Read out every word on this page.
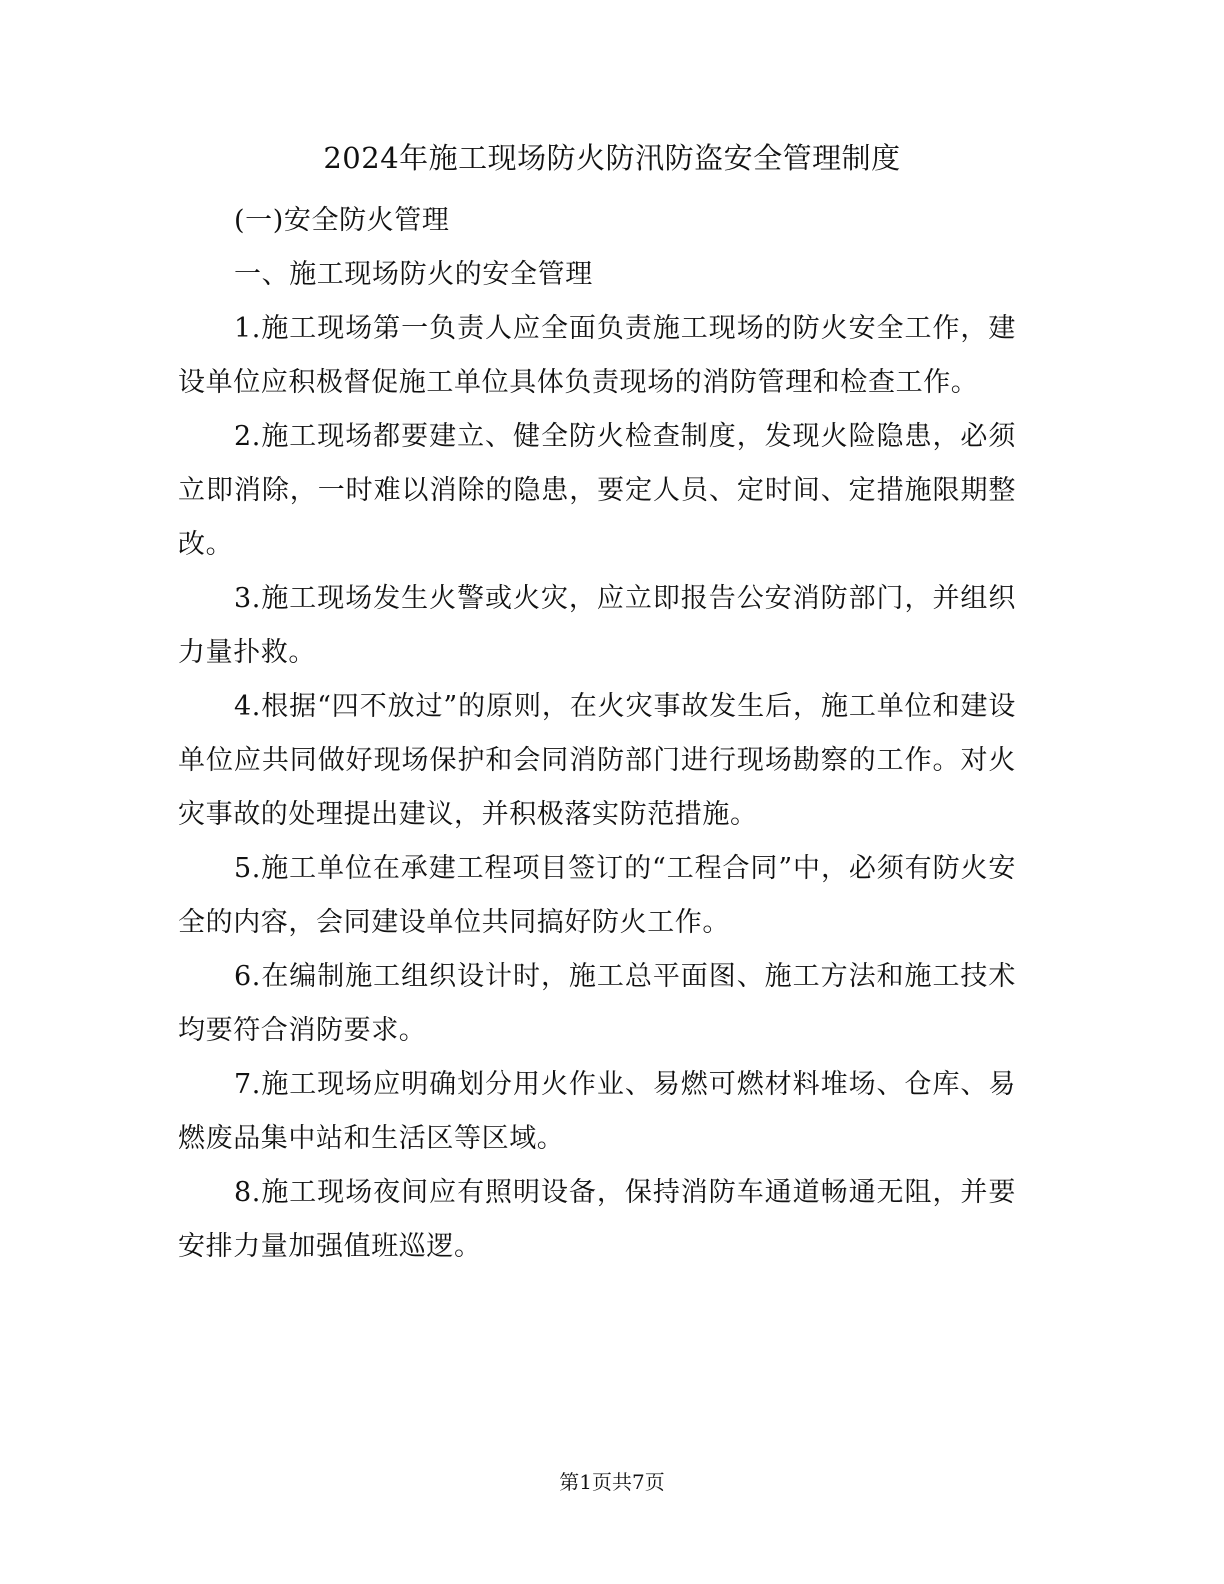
2024年施工现场防火防汛防盗安全管理制度

(一)安全防火管理

一、施工现场防火的安全管理

1.施工现场第一负责人应全面负责施工现场的防火安全工作，建设单位应积极督促施工单位具体负责现场的消防管理和检查工作。

2.施工现场都要建立、健全防火检查制度，发现火险隐患，必须立即消除，一时难以消除的隐患，要定人员、定时间、定措施限期整改。

3.施工现场发生火警或火灾，应立即报告公安消防部门，并组织力量扑救。

4.根据“四不放过”的原则，在火灾事故发生后，施工单位和建设单位应共同做好现场保护和会同消防部门进行现场勘察的工作。对火灾事故的处理提出建议，并积极落实防范措施。

5.施工单位在承建工程项目签订的“工程合同”中，必须有防火安全的内容，会同建设单位共同搞好防火工作。

6.在编制施工组织设计时，施工总平面图、施工方法和施工技术均要符合消防要求。

7.施工现场应明确划分用火作业、易燃可燃材料堆场、仓库、易燃废品集中站和生活区等区域。

8.施工现场夜间应有照明设备，保持消防车通道畅通无阻，并要安排力量加强值班巡逻。

第1页共7页
